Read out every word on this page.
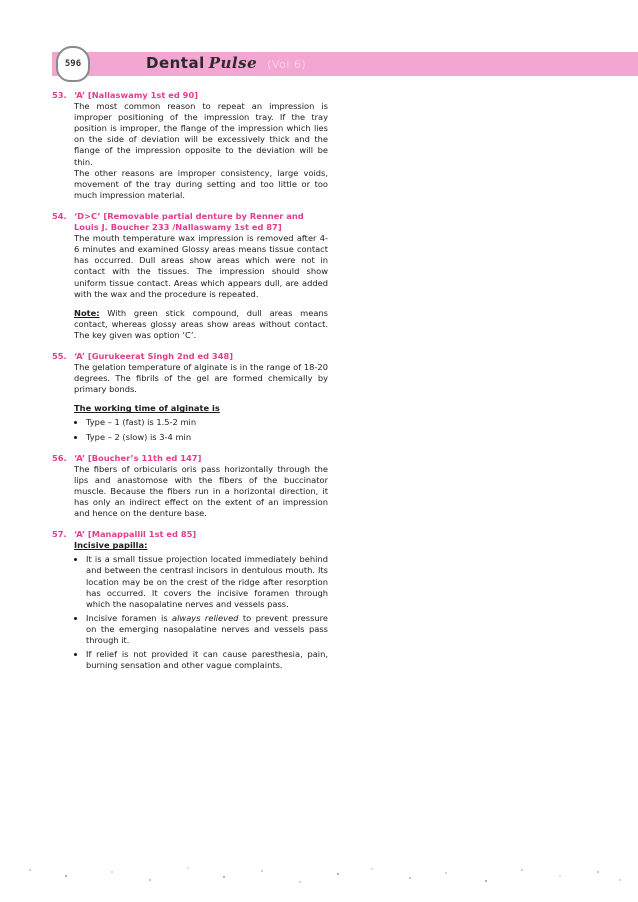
596	Dental Pulse (Vol 6)
53. ‘A’ [Nallaswamy 1st ed 90]

The most common reason to repeat an impression is improper positioning of the impression tray. If the tray position is improper, the flange of the impression which lies on the side of deviation will be excessively thick and the flange of the impression opposite to the deviation will be thin.

The other reasons are improper consistency, large voids, movement of the tray during setting and too little or too much impression material.

54. ‘D>C’ [Removable partial denture by Renner and Louis J. Boucher 233 /Nallaswamy 1st ed 87]

The mouth temperature wax impression is removed after 4-6 minutes and examined Glossy areas means tissue contact has occurred. Dull areas show areas which were not in contact with the tissues. The impression should show uniform tissue contact. Areas which appears dull, are added with the wax and the procedure is repeated.

Note: With green stick compound, dull areas means contact, whereas glossy areas show areas without contact. The key given was option ‘C’.

55. ‘A’ [Gurukeerat Singh 2nd ed 348]

The gelation temperature of alginate is in the range of 18-20 degrees. The fibrils of the gel are formed chemically by primary bonds.

The working time of alginate is
• Type – 1 (fast) is 1.5-2 min
• Type – 2 (slow) is 3-4 min
56. ‘A’ [Boucher’s 11th ed 147]

The fibers of orbicularis oris pass horizontally through the lips and anastomose with the fibers of the buccinator muscle. Because the fibers run in a horizontal direction, it has only an indirect effect on the extent of an impression and hence on the denture base.

57. ‘A’ [Manappallil 1st ed 85]
Incisive papilla:
• It is a small tissue projection located immediately behind and between the centrasl incisors in dentulous mouth. Its location may be on the crest of the ridge after resorption has occurred. It covers the incisive foramen through which the nasopalatine nerves and vessels pass.
• Incisive foramen is always relieved to prevent pressure on the emerging nasopalatine nerves and vessels pass through it.
• If relief is not provided it can cause paresthesia, pain, burning sensation and other vague complaints.
